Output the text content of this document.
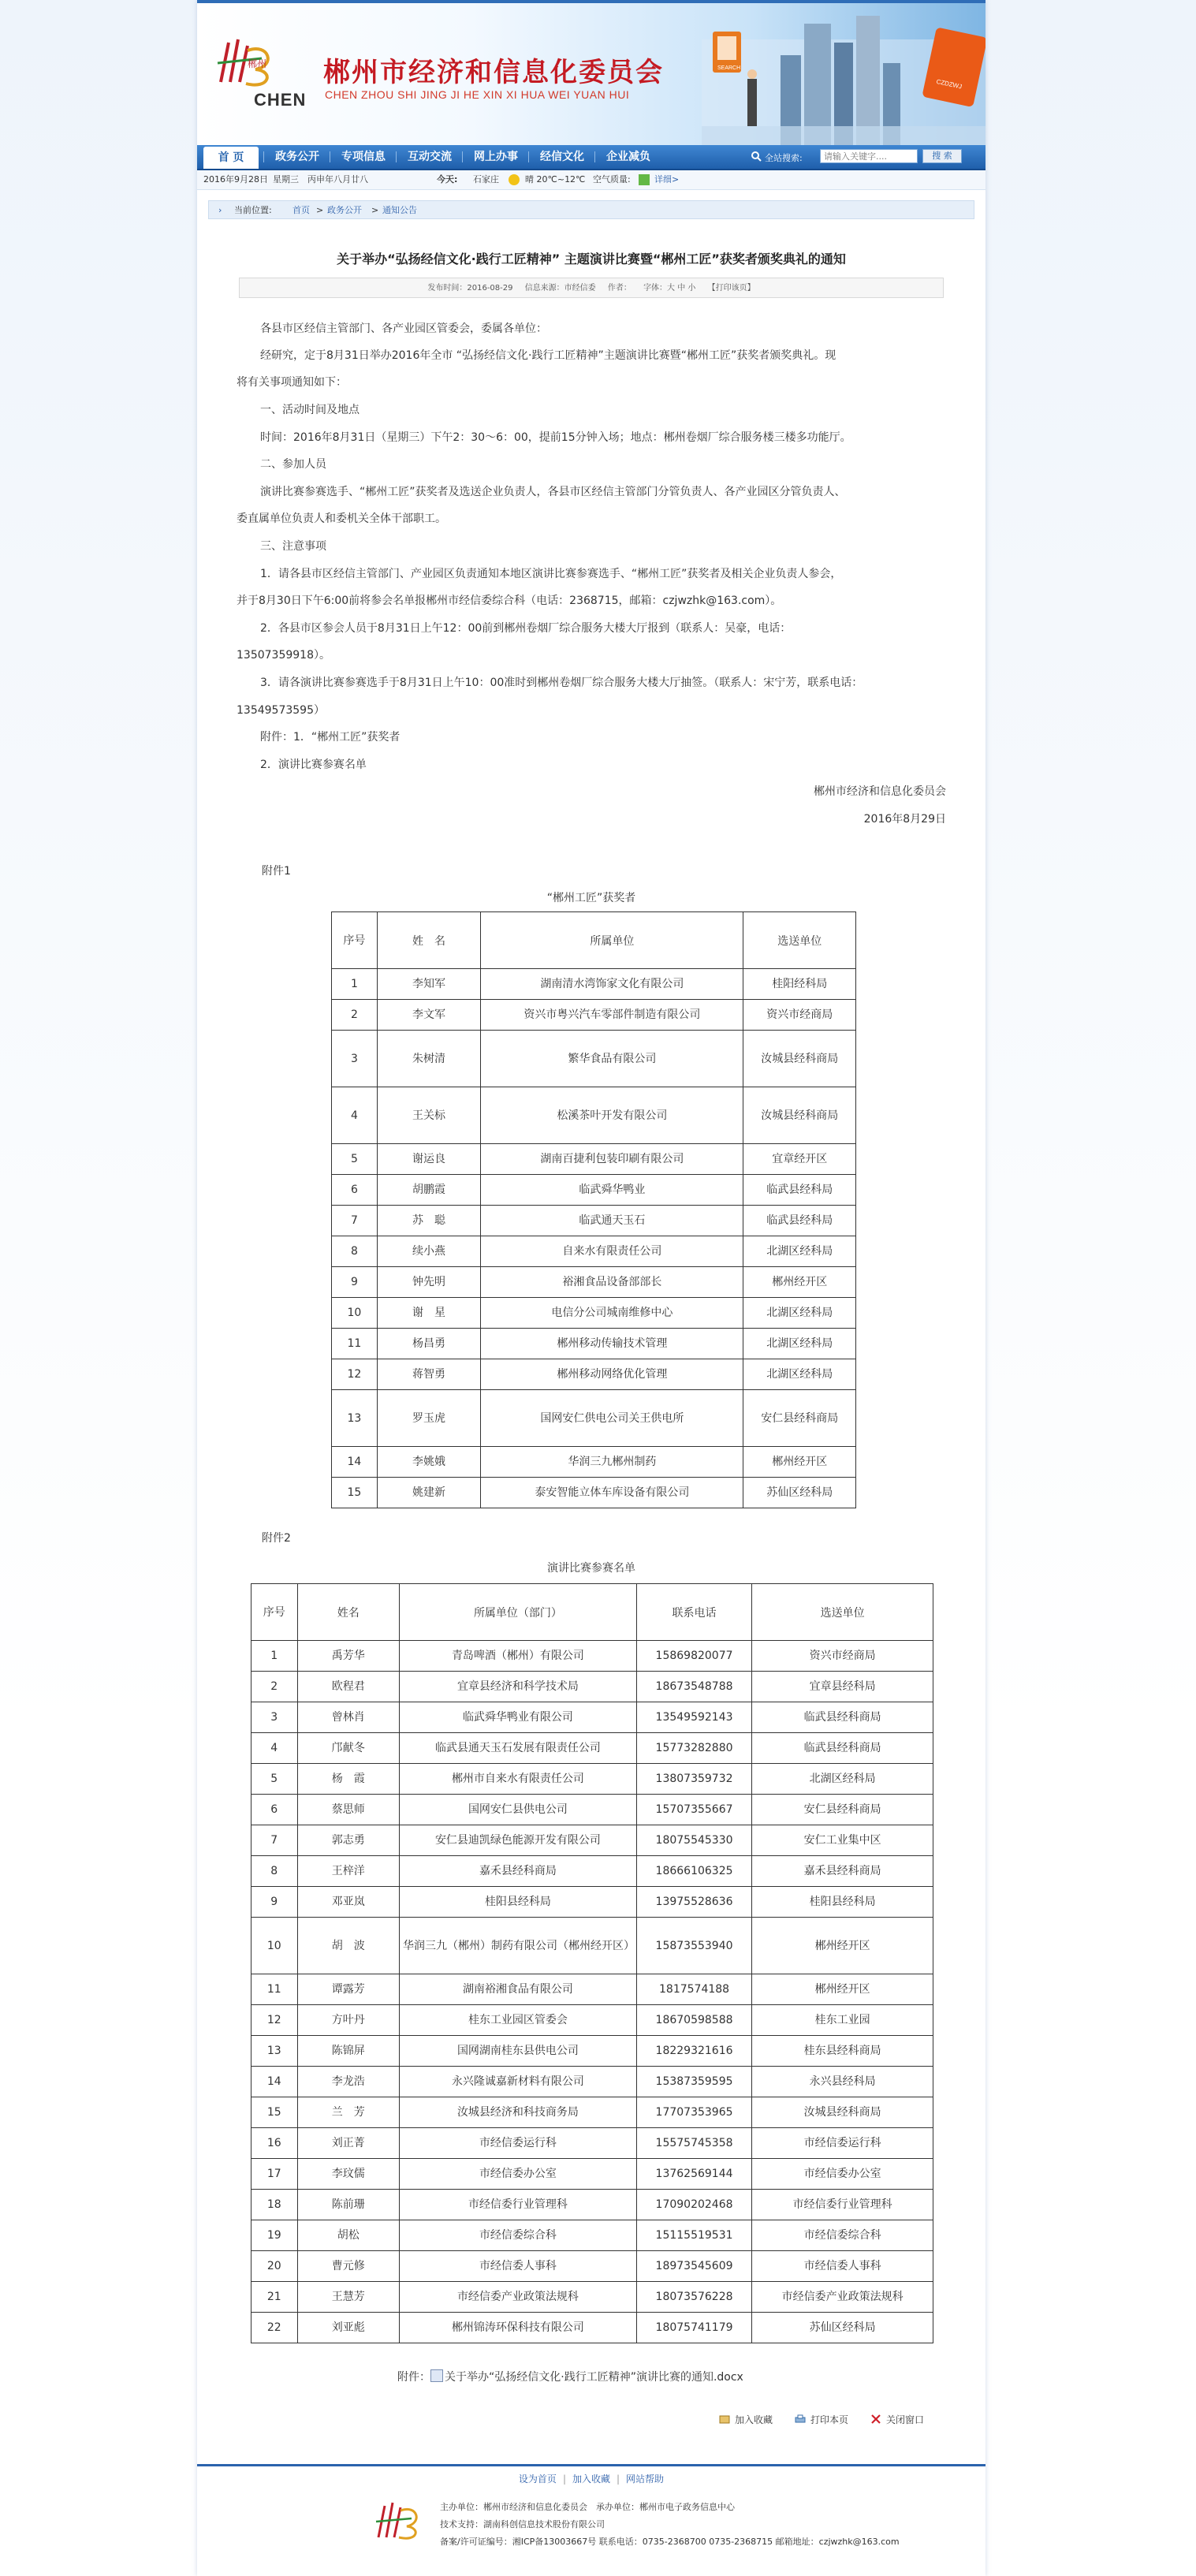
郴州
CHEN
郴州市经济和信息化委员会
CHEN ZHOU SHI JING JI HE XIN XI HUA WEI YUAN HUI
SEARCH
CZDZWJ
首 页	政务公开	专项信息	互动交流	网上办事	经信文化	企业减负	全站搜索:
请输入关键字....	搜 索
2016年9月28日 星期三 丙申年八月廿八	今天: 石家庄	晴 20℃~12℃ 空气质量:	详细>
› 当前位置: 首页 > 政务公开 > 通知公告
关于举办“弘扬经信文化·践行工匠精神” 主题演讲比赛暨“郴州工匠”获奖者颁奖典礼的通知
发布时间：2016-08-29 信息来源：市经信委 作者： 字体：大 中 小 【打印该页】
各县市区经信主管部门、各产业园区管委会，委属各单位：
经研究，定于8月31日举办2016年全市 “弘扬经信文化·践行工匠精神”主题演讲比赛暨“郴州工匠”获奖者颁奖典礼。现
将有关事项通知如下：
一、活动时间及地点
时间：2016年8月31日（星期三）下午2：30～6：00，提前15分钟入场；地点：郴州卷烟厂综合服务楼三楼多功能厅。
二、参加人员
演讲比赛参赛选手、“郴州工匠”获奖者及选送企业负责人，各县市区经信主管部门分管负责人、各产业园区分管负责人、
委直属单位负责人和委机关全体干部职工。
三、注意事项
1．请各县市区经信主管部门、产业园区负责通知本地区演讲比赛参赛选手、“郴州工匠”获奖者及相关企业负责人参会，
并于8月30日下午6:00前将参会名单报郴州市经信委综合科（电话：2368715，邮箱：czjwzhk@163.com）。
2．各县市区参会人员于8月31日上午12：00前到郴州卷烟厂综合服务大楼大厅报到（联系人：吴豪，电话：
13507359918）。
3．请各演讲比赛参赛选手于8月31日上午10：00准时到郴州卷烟厂综合服务大楼大厅抽签。（联系人：宋宁芳，联系电话：
13549573595）
附件：1．“郴州工匠”获奖者
2．演讲比赛参赛名单
郴州市经济和信息化委员会
2016年8月29日
附件1
“郴州工匠”获奖者
序号	姓　名	所属单位	选送单位
1	李知军	湖南清水湾饰家文化有限公司	桂阳经科局
2	李文军	资兴市粤兴汽车零部件制造有限公司	资兴市经商局
3	朱树清	繁华食品有限公司	汝城县经科商局
4	王关标	松溪茶叶开发有限公司	汝城县经科商局
5	谢运良	湖南百捷利包装印刷有限公司	宜章经开区
6	胡鹏霞	临武舜华鸭业	临武县经科局
7	苏　聪	临武通天玉石	临武县经科局
8	续小燕	自来水有限责任公司	北湖区经科局
9	钟先明	裕湘食品设备部部长	郴州经开区
10	谢　星	电信分公司城南维修中心	北湖区经科局
11	杨昌勇	郴州移动传输技术管理	北湖区经科局
12	蒋智勇	郴州移动网络优化管理	北湖区经科局
13	罗玉虎	国网安仁供电公司关王供电所	安仁县经科商局
14	李姚娥	华润三九郴州制药	郴州经开区
15	姚建新	泰安智能立体车库设备有限公司	苏仙区经科局
附件2
演讲比赛参赛名单
序号	姓名	所属单位（部门）	联系电话	选送单位
1	禹芳华	青岛啤酒（郴州）有限公司	15869820077	资兴市经商局
2	欧程君	宜章县经济和科学技术局	18673548788	宜章县经科局
3	曾林肖	临武舜华鸭业有限公司	13549592143	临武县经科商局
4	邝献冬	临武县通天玉石发展有限责任公司	15773282880	临武县经科商局
5	杨　霞	郴州市自来水有限责任公司	13807359732	北湖区经科局
6	蔡思师	国网安仁县供电公司	15707355667	安仁县经科商局
7	郭志勇	安仁县迪凯绿色能源开发有限公司	18075545330	安仁工业集中区
8	王梓洋	嘉禾县经科商局	18666106325	嘉禾县经科商局
9	邓亚岚	桂阳县经科局	13975528636	桂阳县经科局
10	胡　波	华润三九（郴州）制药有限公司（郴州经开区）	15873553940	郴州经开区
11	谭露芳	湖南裕湘食品有限公司	1817574188	郴州经开区
12	方叶丹	桂东工业园区管委会	18670598588	桂东工业园
13	陈锦屏	国网湖南桂东县供电公司	18229321616	桂东县经科商局
14	李龙浩	永兴隆诚嘉新材料有限公司	15387359595	永兴县经科局
15	兰　芳	汝城县经济和科技商务局	17707353965	汝城县经科商局
16	刘正菁	市经信委运行科	15575745358	市经信委运行科
17	李玟儒	市经信委办公室	13762569144	市经信委办公室
18	陈前珊	市经信委行业管理科	17090202468	市经信委行业管理科
19	胡松	市经信委综合科	15115519531	市经信委综合科
20	曹元修	市经信委人事科	18973545609	市经信委人事科
21	王慧芳	市经信委产业政策法规科	18073576228	市经信委产业政策法规科
22	刘亚彪	郴州锦涛环保科技有限公司	18075741179	苏仙区经科局
附件： 关于举办“弘扬经信文化·践行工匠精神”演讲比赛的通知.docx
加入收藏	打印本页	关闭窗口
设为首页 | 加入收藏 | 网站帮助
主办单位：郴州市经济和信息化委员会　承办单位：郴州市电子政务信息中心
技术支持：湖南科创信息技术股份有限公司
备案/许可证编号：湘ICP备13003667号 联系电话：0735-2368700 0735-2368715 邮箱地址：czjwzhk@163.com
